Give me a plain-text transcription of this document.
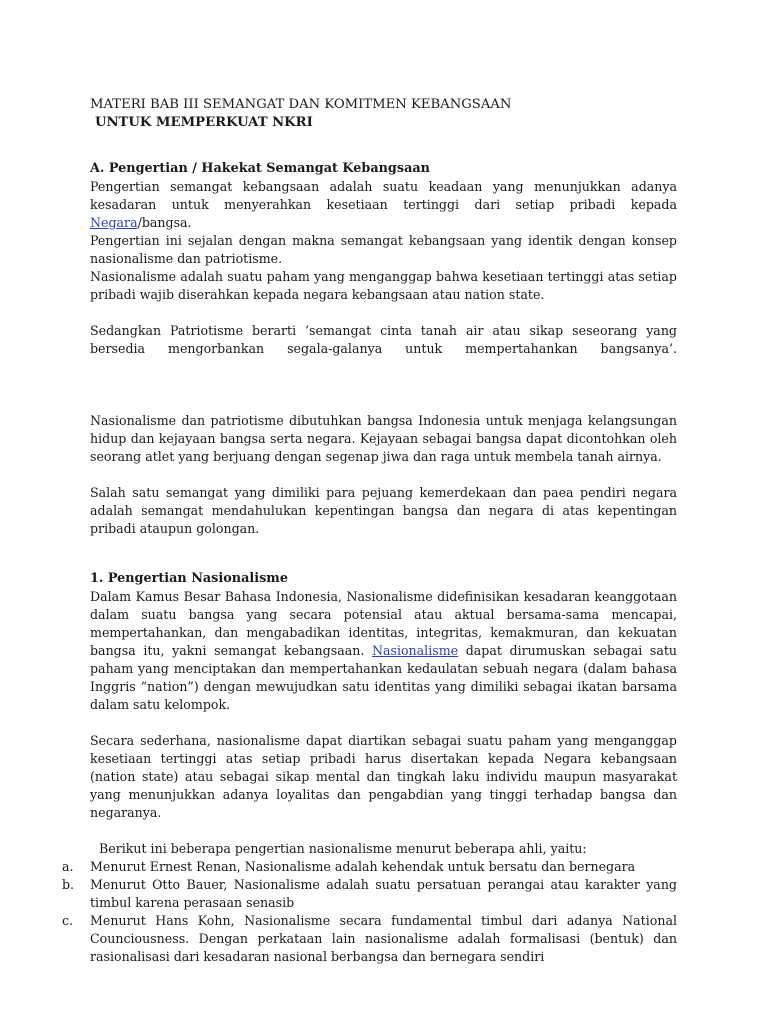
MATERI BAB III SEMANGAT DAN KOMITMEN KEBANGSAAN
UNTUK MEMPERKUAT NKRI
A. Pengertian / Hakekat Semangat Kebangsaan

Pengertian semangat kebangsaan adalah suatu keadaan yang menunjukkan adanya kesadaran untuk menyerahkan kesetiaan tertinggi dari setiap pribadi kepada Negara/bangsa.

Pengertian ini sejalan dengan makna semangat kebangsaan yang identik dengan konsep nasionalisme dan patriotisme.

Nasionalisme adalah suatu paham yang menganggap bahwa kesetiaan tertinggi atas setiap pribadi wajib diserahkan kepada negara kebangsaan atau nation state.

Sedangkan Patriotisme berarti ‘semangat cinta tanah air atau sikap seseorang yang bersedia mengorbankan segala-galanya untuk mempertahankan bangsanya’.

Nasionalisme dan patriotisme dibutuhkan bangsa Indonesia untuk menjaga kelangsungan hidup dan kejayaan bangsa serta negara. Kejayaan sebagai bangsa dapat dicontohkan oleh seorang atlet yang berjuang dengan segenap jiwa dan raga untuk membela tanah airnya.

Salah satu semangat yang dimiliki para pejuang kemerdekaan dan paea pendiri negara adalah semangat mendahulukan kepentingan bangsa dan negara di atas kepentingan pribadi ataupun golongan.

1. Pengertian Nasionalisme

Dalam Kamus Besar Bahasa Indonesia, Nasionalisme didefinisikan kesadaran keanggotaan dalam suatu bangsa yang secara potensial atau aktual bersama-sama mencapai, mempertahankan, dan mengabadikan identitas, integritas, kemakmuran, dan kekuatan bangsa itu, yakni semangat kebangsaan. Nasionalisme dapat dirumuskan sebagai satu paham yang menciptakan dan mempertahankan kedaulatan sebuah negara (dalam bahasa Inggris “nation”) dengan mewujudkan satu identitas yang dimiliki sebagai ikatan barsama dalam satu kelompok.

Secara sederhana, nasionalisme dapat diartikan sebagai suatu paham yang menganggap kesetiaan tertinggi atas setiap pribadi harus disertakan kepada Negara kebangsaan (nation state) atau sebagai sikap mental dan tingkah laku individu maupun masyarakat yang menunjukkan adanya loyalitas dan pengabdian yang tinggi terhadap bangsa dan negaranya.

Berikut ini beberapa pengertian nasionalisme menurut beberapa ahli, yaitu:

a. Menurut Ernest Renan, Nasionalisme adalah kehendak untuk bersatu dan bernegara
b. Menurut Otto Bauer, Nasionalisme adalah suatu persatuan perangai atau karakter yang timbul karena perasaan senasib
c. Menurut Hans Kohn, Nasionalisme secara fundamental timbul dari adanya National Counciousness. Dengan perkataan lain nasionalisme adalah formalisasi (bentuk) dan rasionalisasi dari kesadaran nasional berbangsa dan bernegara sendiri
